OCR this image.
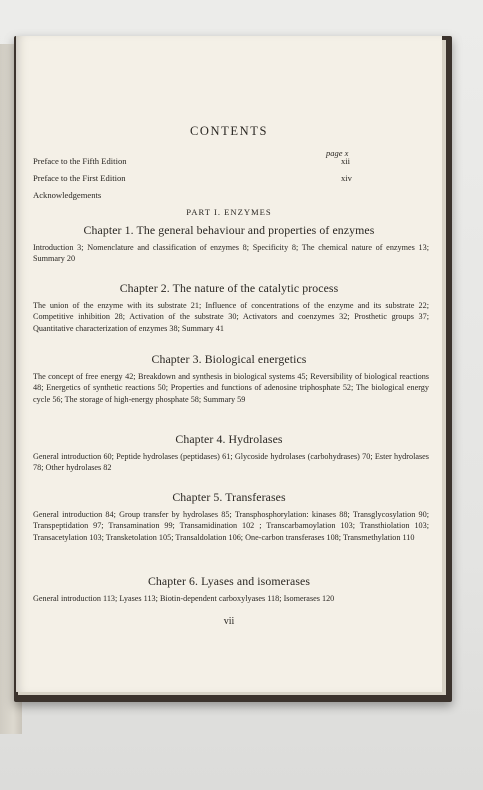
CONTENTS
page x
Preface to the Fifth Edition	xii
Preface to the First Edition	xiv
Acknowledgements
PART I. ENZYMES
Chapter 1. The general behaviour and properties of enzymes
Introduction 3; Nomenclature and classification of enzymes 8; Specificity 8; The chemical nature of enzymes 13; Summary 20
Chapter 2. The nature of the catalytic process
The union of the enzyme with its substrate 21; Influence of concentrations of the enzyme and its substrate 22; Competitive inhibition 28; Activation of the substrate 30; Activators and coenzymes 32; Prosthetic groups 37; Quantitative characterization of enzymes 38; Summary 41
Chapter 3. Biological energetics
The concept of free energy 42; Breakdown and synthesis in biological systems 45; Reversibility of biological reactions 48; Energetics of synthetic reactions 50; Properties and functions of adenosine triphosphate 52; The biological energy cycle 56; The storage of high-energy phosphate 58; Summary 59
Chapter 4. Hydrolases
General introduction 60; Peptide hydrolases (peptidases) 61; Glycoside hydrolases (carbohydrases) 70; Ester hydrolases 78; Other hydrolases 82
Chapter 5. Transferases
General introduction 84; Group transfer by hydrolases 85; Transphosphorylation: kinases 88; Transglycosylation 90; Transpeptidation 97; Transamination 99; Transamidination 102 ; Transcarbamoylation 103; Transthiolation 103; Transacetylation 103; Transketolation 105; Transaldolation 106; One-carbon transferases 108; Transmethylation 110
Chapter 6. Lyases and isomerases
General introduction 113; Lyases 113; Biotin-dependent carboxylyases 118; Isomerases 120
vii
